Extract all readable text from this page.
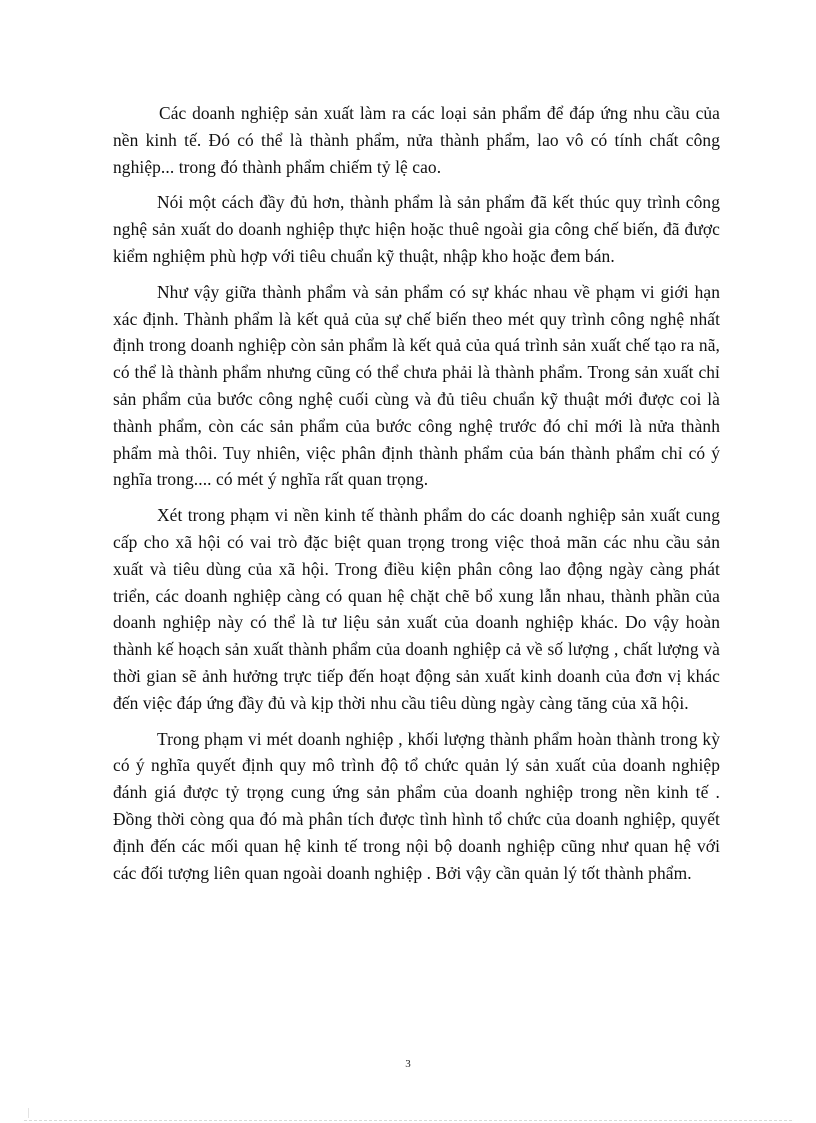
Các doanh nghiệp sản xuất làm ra các loại sản phẩm để đáp ứng nhu cầu của nền kinh tế. Đó có thể là thành phẩm, nửa thành phẩm, lao vô có tính chất công nghiệp... trong đó thành phẩm chiếm tỷ lệ cao.

Nói một cách đầy đủ hơn, thành phẩm là sản phẩm đã kết thúc quy trình công nghệ sản xuất do doanh nghiệp thực hiện hoặc thuê ngoài gia công chế biến, đã được kiểm nghiệm phù hợp với tiêu chuẩn kỹ thuật, nhập kho hoặc đem bán.

Như vậy giữa thành phẩm và sản phẩm có sự khác nhau về phạm vi giới hạn xác định. Thành phẩm là kết quả của sự chế biến theo mét quy trình công nghệ nhất định trong doanh nghiệp còn sản phẩm là kết quả của quá trình sản xuất chế tạo ra nã, có thể là thành phẩm nhưng cũng có thể chưa phải là thành phẩm. Trong sản xuất chỉ sản phẩm của bước công nghệ cuối cùng và đủ tiêu chuẩn kỹ thuật mới được coi là thành phẩm, còn các sản phẩm của bước công nghệ trước đó chỉ mới là nửa thành phẩm mà thôi. Tuy nhiên, việc phân định thành phẩm của bán thành phẩm chỉ có ý nghĩa trong.... có mét ý nghĩa rất quan trọng.

Xét trong phạm vi nền kinh tế thành phẩm do các doanh nghiệp sản xuất cung cấp cho xã hội có vai trò đặc biệt quan trọng trong việc thoả mãn các nhu cầu sản xuất và tiêu dùng của xã hội. Trong điều kiện phân công lao động ngày càng phát triển, các doanh nghiệp càng có quan hệ chặt chẽ bổ xung lẫn nhau, thành phần của doanh nghiệp này có thể là tư liệu sản xuất của doanh nghiệp khác. Do vậy hoàn thành kế hoạch sản xuất thành phẩm của doanh nghiệp cả về số lượng , chất lượng và thời gian sẽ ảnh hưởng trực tiếp đến hoạt động sản xuất kinh doanh của đơn vị khác đến việc đáp ứng đầy đủ và kịp thời nhu cầu tiêu dùng ngày càng tăng của xã hội.

Trong phạm vi mét doanh nghiệp , khối lượng thành phẩm hoàn thành trong kỳ có ý nghĩa quyết định quy mô trình độ tổ chức quản lý sản xuất của doanh nghiệp đánh giá được tỷ trọng cung ứng sản phẩm của doanh nghiệp trong nền kinh tế . Đồng thời còng qua đó mà phân tích được tình hình tổ chức của doanh nghiệp, quyết định đến các mối quan hệ kinh tế trong nội bộ doanh nghiệp cũng như quan hệ với các đối tượng liên quan ngoài doanh nghiệp . Bởi vậy cần quản lý tốt thành phẩm.

3
